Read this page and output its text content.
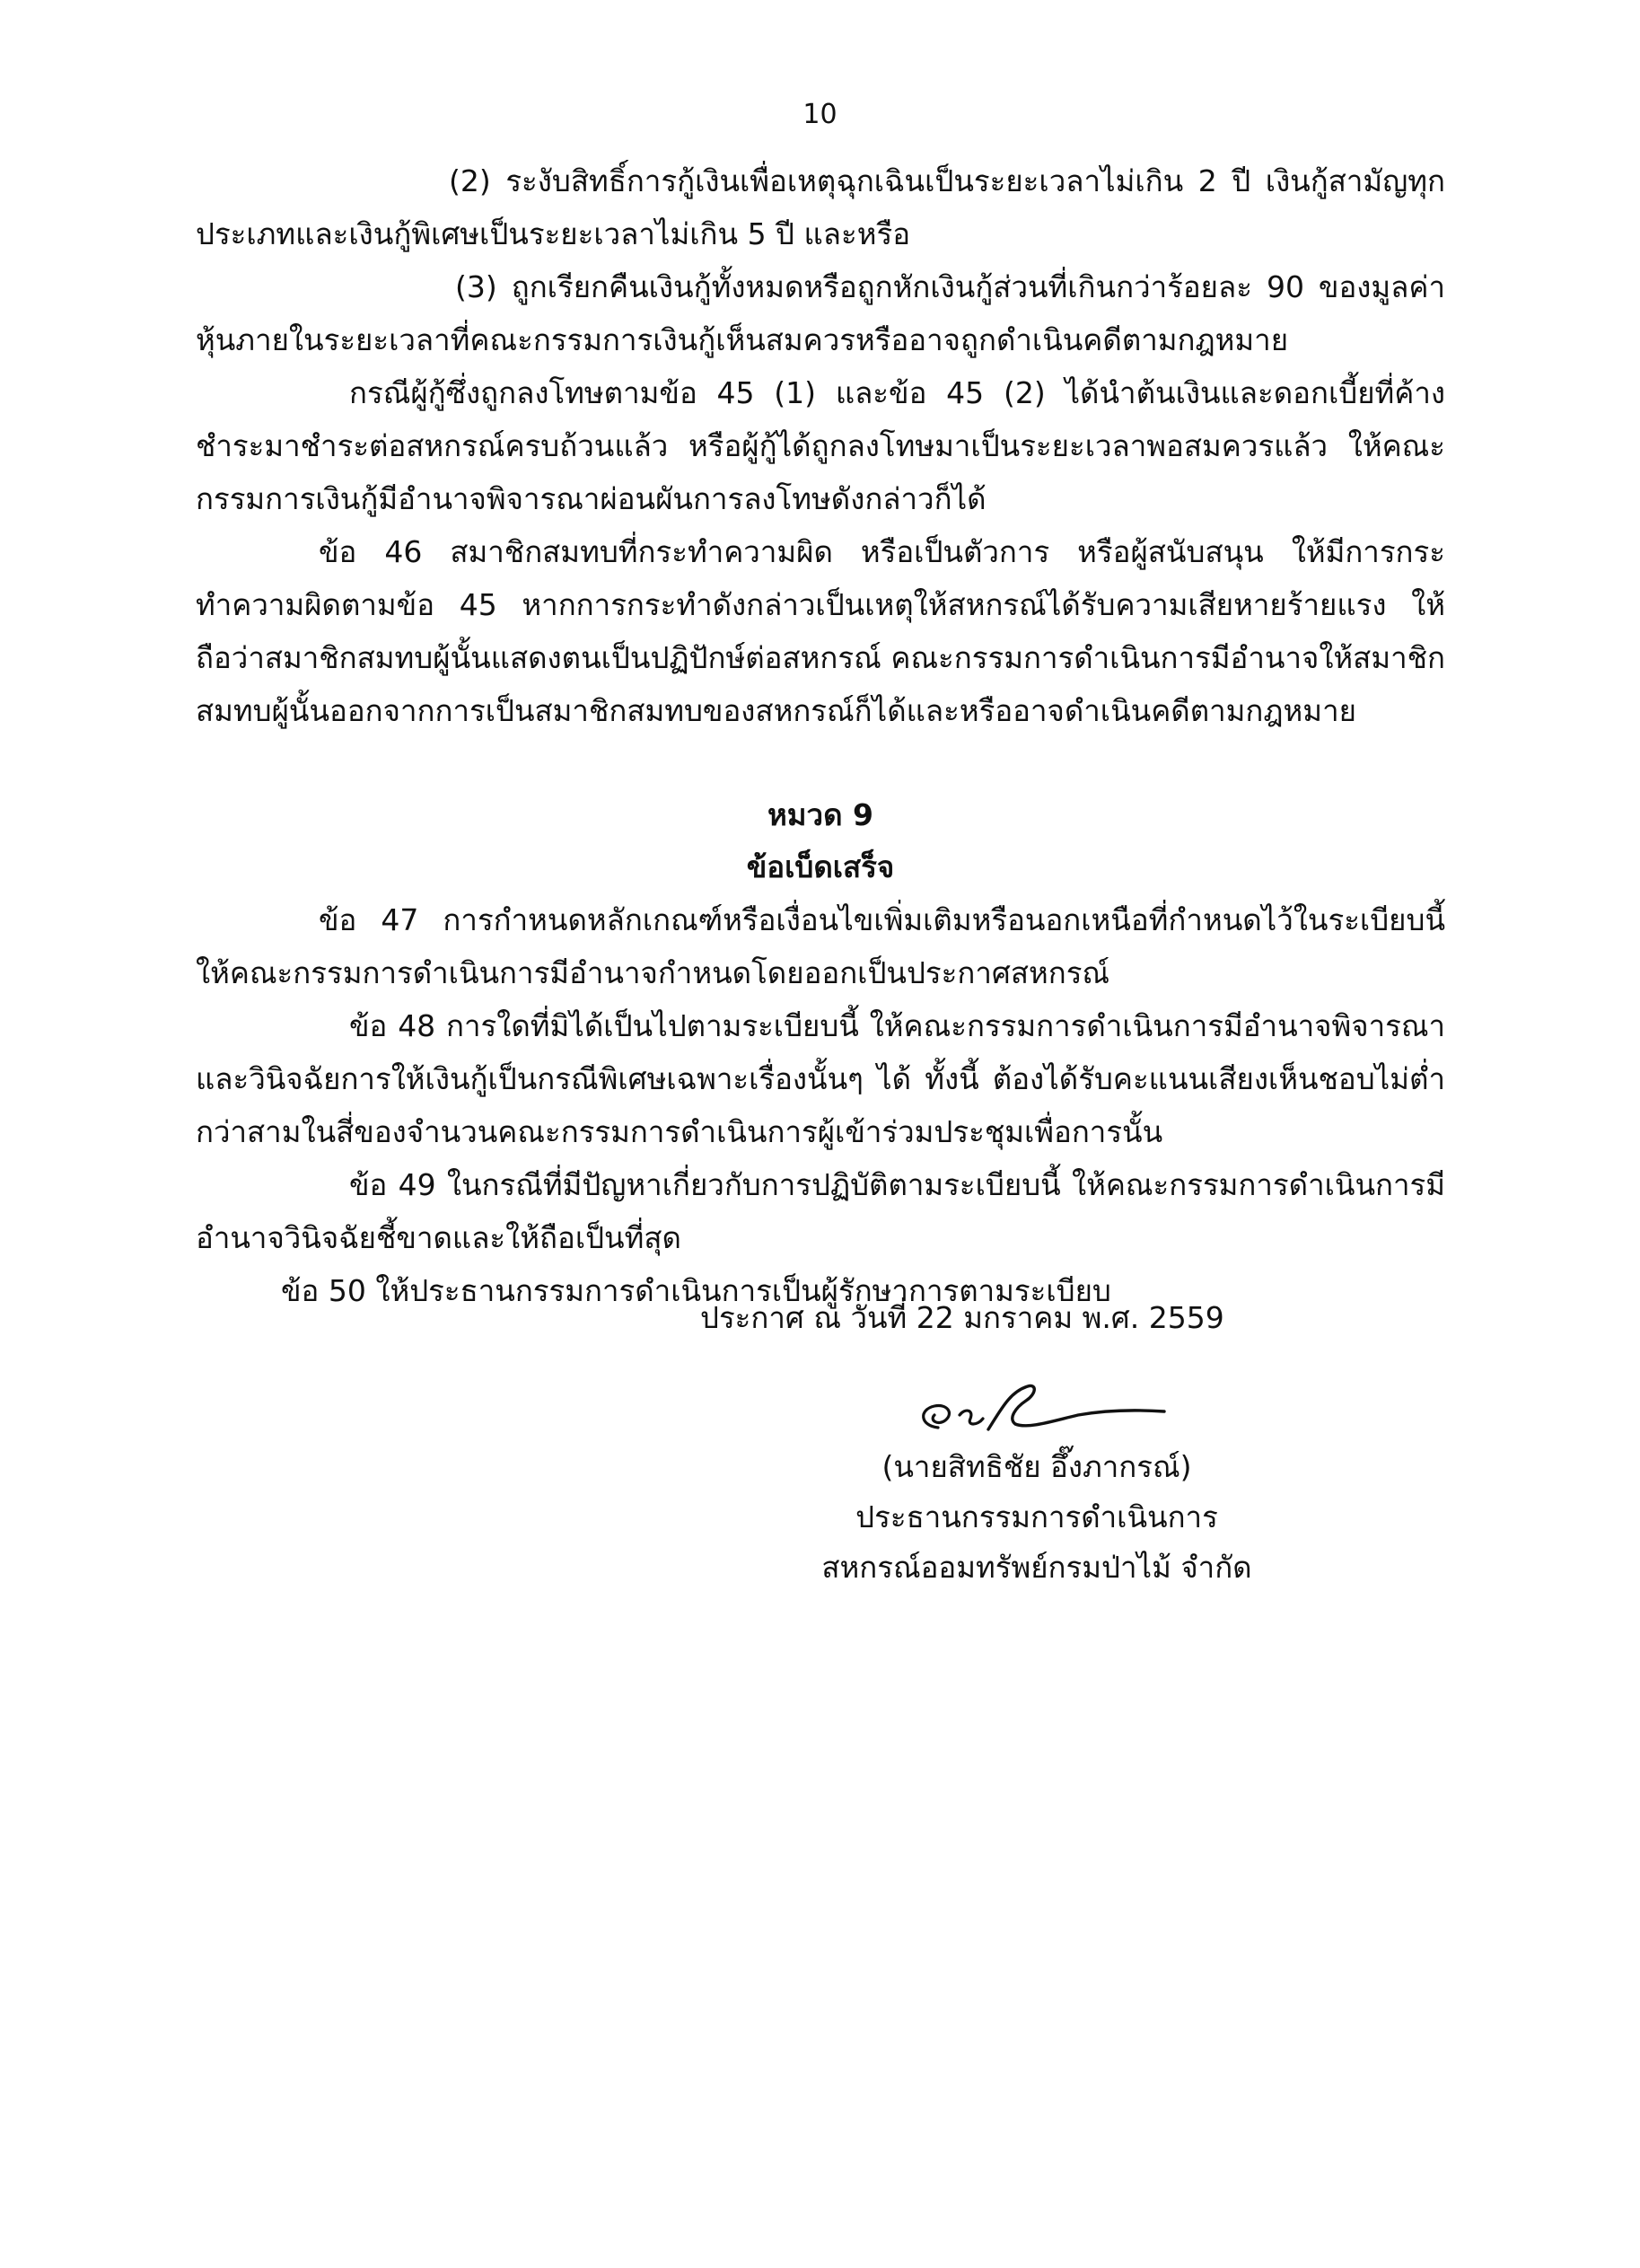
10

(2) ระงับสิทธิ์การกู้เงินเพื่อเหตุฉุกเฉินเป็นระยะเวลาไม่เกิน 2 ปี เงินกู้สามัญทุกประเภทและเงินกู้พิเศษเป็นระยะเวลาไม่เกิน 5 ปี และหรือ

(3) ถูกเรียกคืนเงินกู้ทั้งหมดหรือถูกหักเงินกู้ส่วนที่เกินกว่าร้อยละ 90 ของมูลค่าหุ้นภายในระยะเวลาที่คณะกรรมการเงินกู้เห็นสมควรหรืออาจถูกดำเนินคดีตามกฎหมาย

กรณีผู้กู้ซึ่งถูกลงโทษตามข้อ 45 (1) และข้อ 45 (2) ได้นำต้นเงินและดอกเบี้ยที่ค้างชำระมาชำระต่อสหกรณ์ครบถ้วนแล้ว หรือผู้กู้ได้ถูกลงโทษมาเป็นระยะเวลาพอสมควรแล้ว ให้คณะกรรมการเงินกู้มีอำนาจพิจารณาผ่อนผันการลงโทษดังกล่าวก็ได้

ข้อ 46 สมาชิกสมทบที่กระทำความผิด หรือเป็นตัวการ หรือผู้สนับสนุน ให้มีการกระทำความผิดตามข้อ 45 หากการกระทำดังกล่าวเป็นเหตุให้สหกรณ์ได้รับความเสียหายร้ายแรง ให้ถือว่าสมาชิกสมทบผู้นั้นแสดงตนเป็นปฏิปักษ์ต่อสหกรณ์ คณะกรรมการดำเนินการมีอำนาจให้สมาชิกสมทบผู้นั้นออกจากการเป็นสมาชิกสมทบของสหกรณ์ก็ได้และหรืออาจดำเนินคดีตามกฎหมาย

หมวด 9
ข้อเบ็ดเสร็จ

ข้อ 47 การกำหนดหลักเกณฑ์หรือเงื่อนไขเพิ่มเติมหรือนอกเหนือที่กำหนดไว้ในระเบียบนี้ให้คณะกรรมการดำเนินการมีอำนาจกำหนดโดยออกเป็นประกาศสหกรณ์

ข้อ 48 การใดที่มิได้เป็นไปตามระเบียบนี้ ให้คณะกรรมการดำเนินการมีอำนาจพิจารณาและวินิจฉัยการให้เงินกู้เป็นกรณีพิเศษเฉพาะเรื่องนั้นๆ ได้ ทั้งนี้ ต้องได้รับคะแนนเสียงเห็นชอบไม่ต่ำกว่าสามในสี่ของจำนวนคณะกรรมการดำเนินการผู้เข้าร่วมประชุมเพื่อการนั้น

ข้อ 49 ในกรณีที่มีปัญหาเกี่ยวกับการปฏิบัติตามระเบียบนี้ ให้คณะกรรมการดำเนินการมีอำนาจวินิจฉัยชี้ขาดและให้ถือเป็นที่สุด

ข้อ 50 ให้ประธานกรรมการดำเนินการเป็นผู้รักษาการตามระเบียบ

ประกาศ ณ วันที่ 22 มกราคม พ.ศ. 2559
(นายสิทธิชัย อึ๊งภากรณ์)
ประธานกรรมการดำเนินการ
สหกรณ์ออมทรัพย์กรมป่าไม้ จำกัด
